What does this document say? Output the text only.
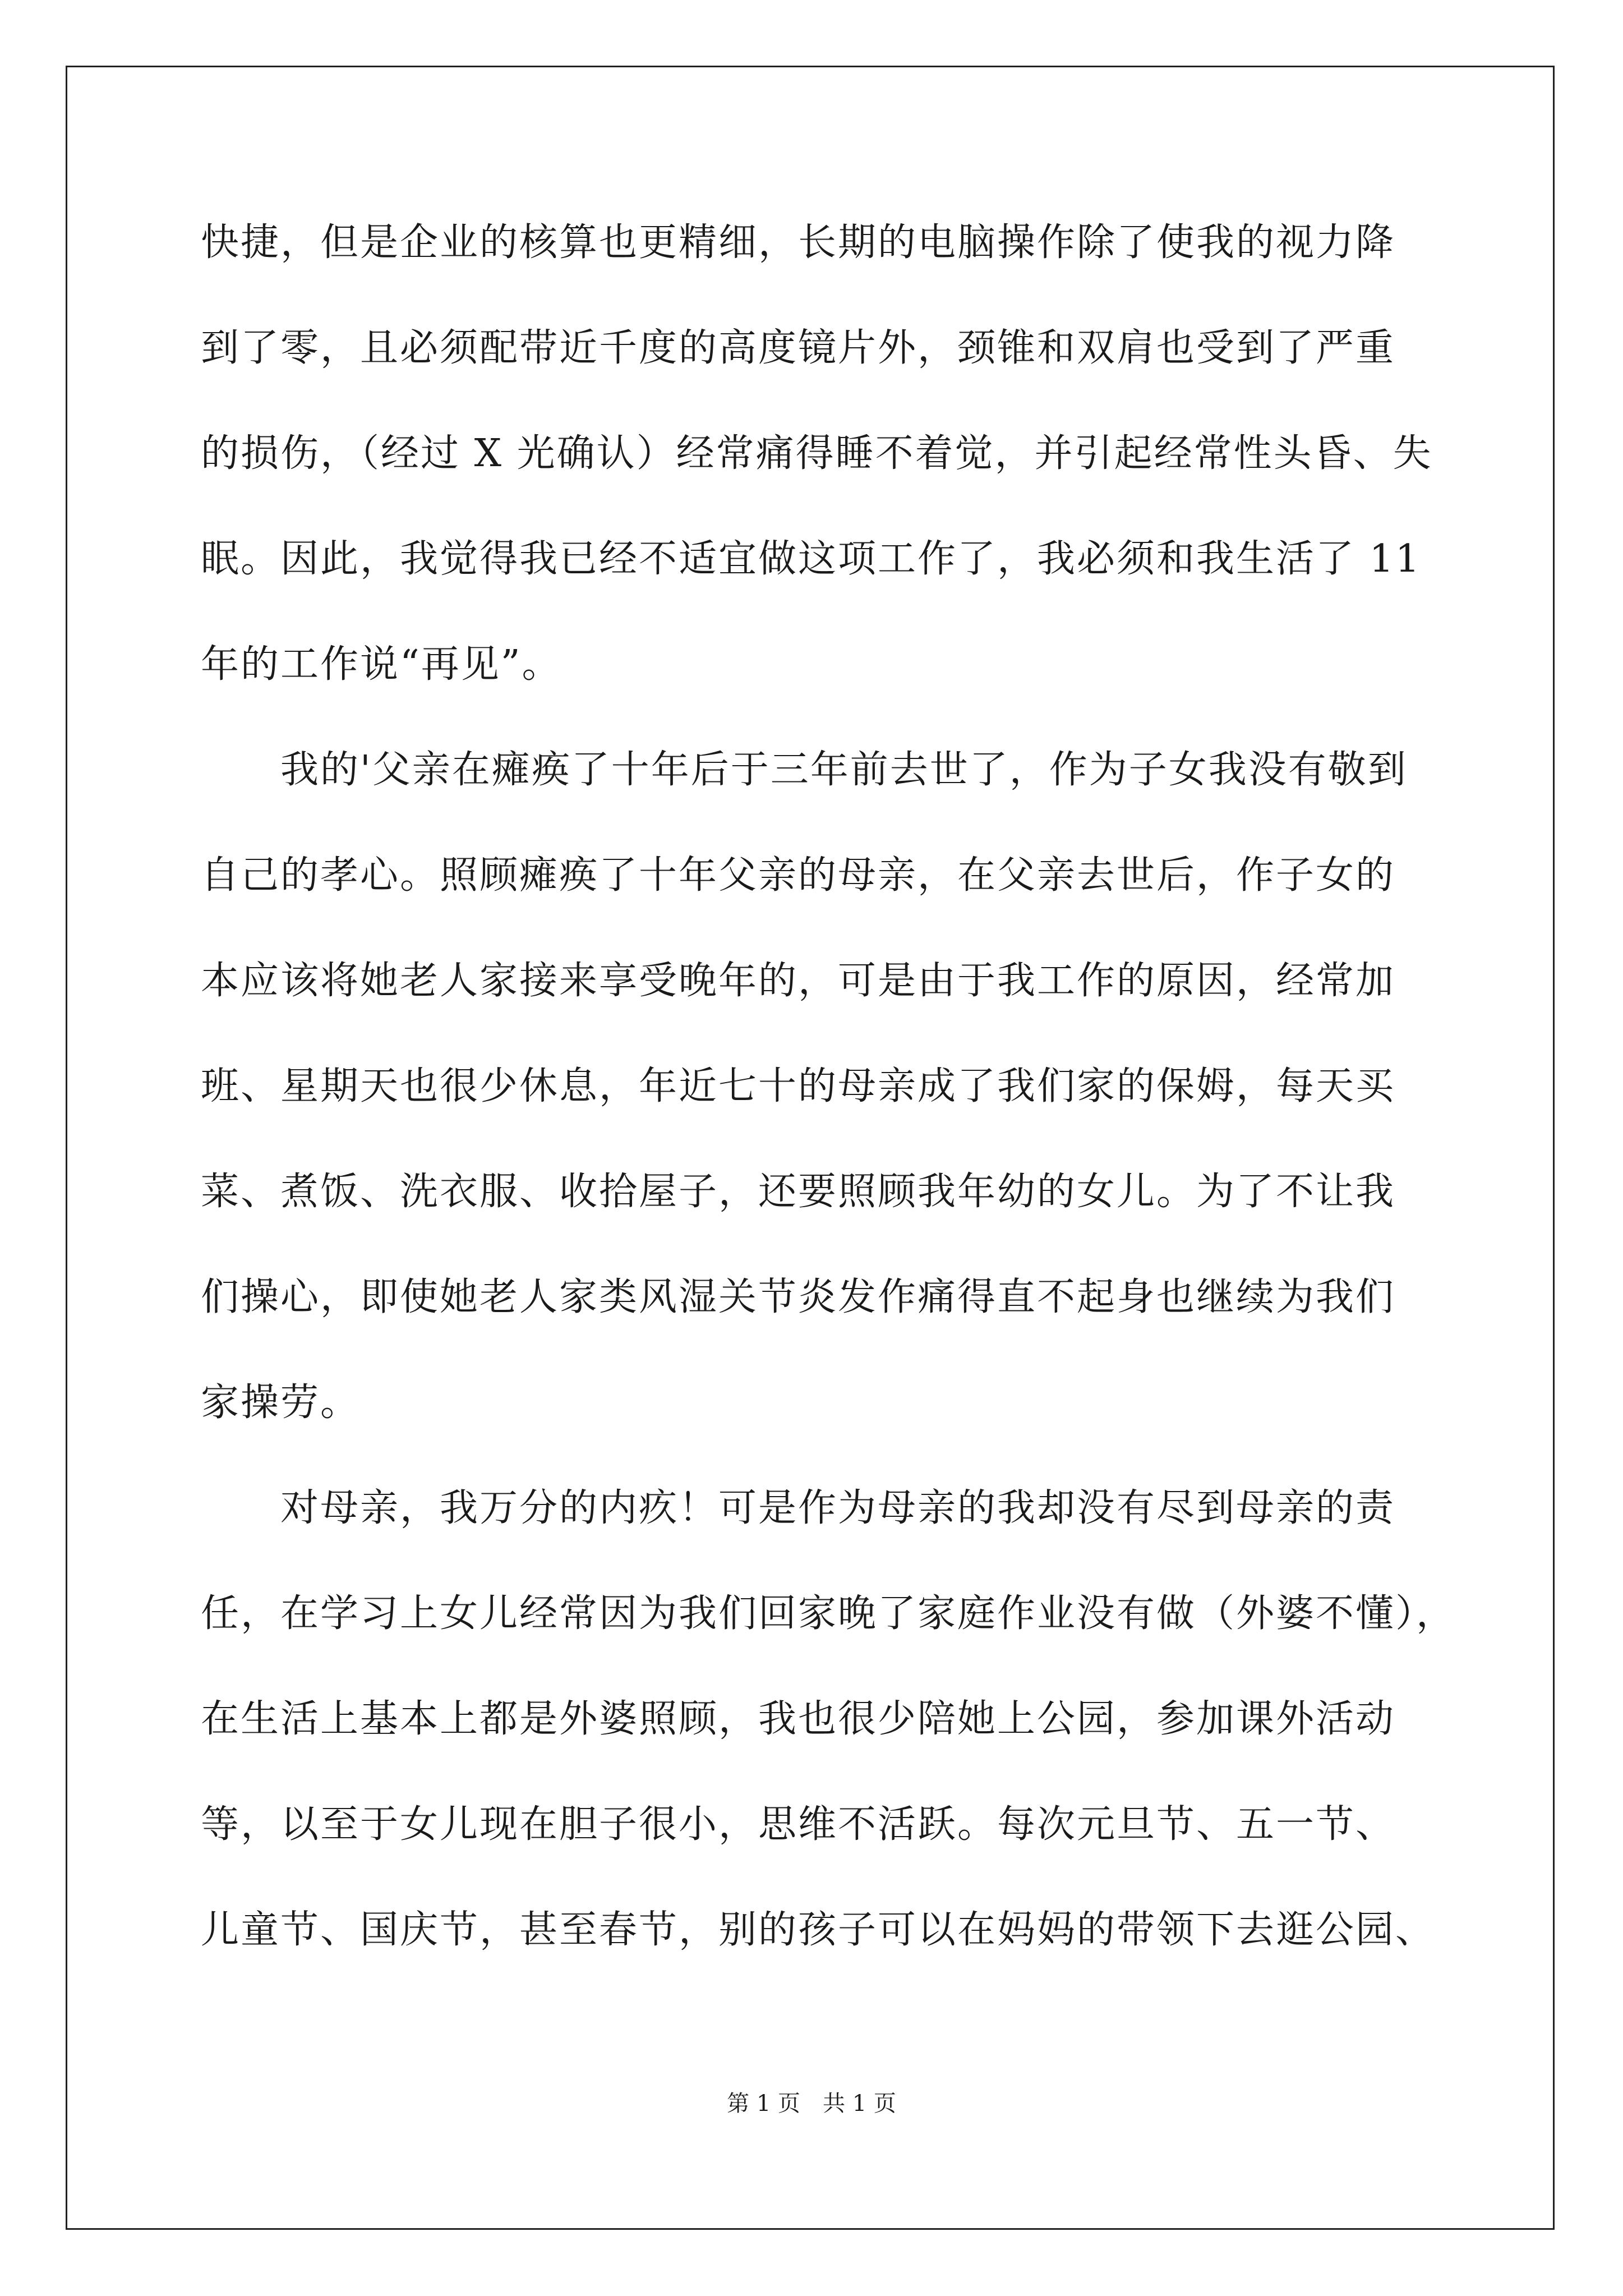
快捷，但是企业的核算也更精细，长期的电脑操作除了使我的视力降
到了零，且必须配带近千度的高度镜片外，颈锥和双肩也受到了严重
的损伤，（经过 X 光确认）经常痛得睡不着觉，并引起经常性头昏、失
眠。因此，我觉得我已经不适宜做这项工作了，我必须和我生活了 11
年的工作说“再见”。
　　我的'父亲在瘫痪了十年后于三年前去世了，作为子女我没有敬到
自己的孝心。照顾瘫痪了十年父亲的母亲，在父亲去世后，作子女的
本应该将她老人家接来享受晚年的，可是由于我工作的原因，经常加
班、星期天也很少休息，年近七十的母亲成了我们家的保姆，每天买
菜、煮饭、洗衣服、收拾屋子，还要照顾我年幼的女儿。为了不让我
们操心，即使她老人家类风湿关节炎发作痛得直不起身也继续为我们
家操劳。
　　对母亲，我万分的内疚！可是作为母亲的我却没有尽到母亲的责
任，在学习上女儿经常因为我们回家晚了家庭作业没有做（外婆不懂），
在生活上基本上都是外婆照顾，我也很少陪她上公园，参加课外活动
等，以至于女儿现在胆子很小，思维不活跃。每次元旦节、五一节、
儿童节、国庆节，甚至春节，别的孩子可以在妈妈的带领下去逛公园、
第 1 页　共 1 页
